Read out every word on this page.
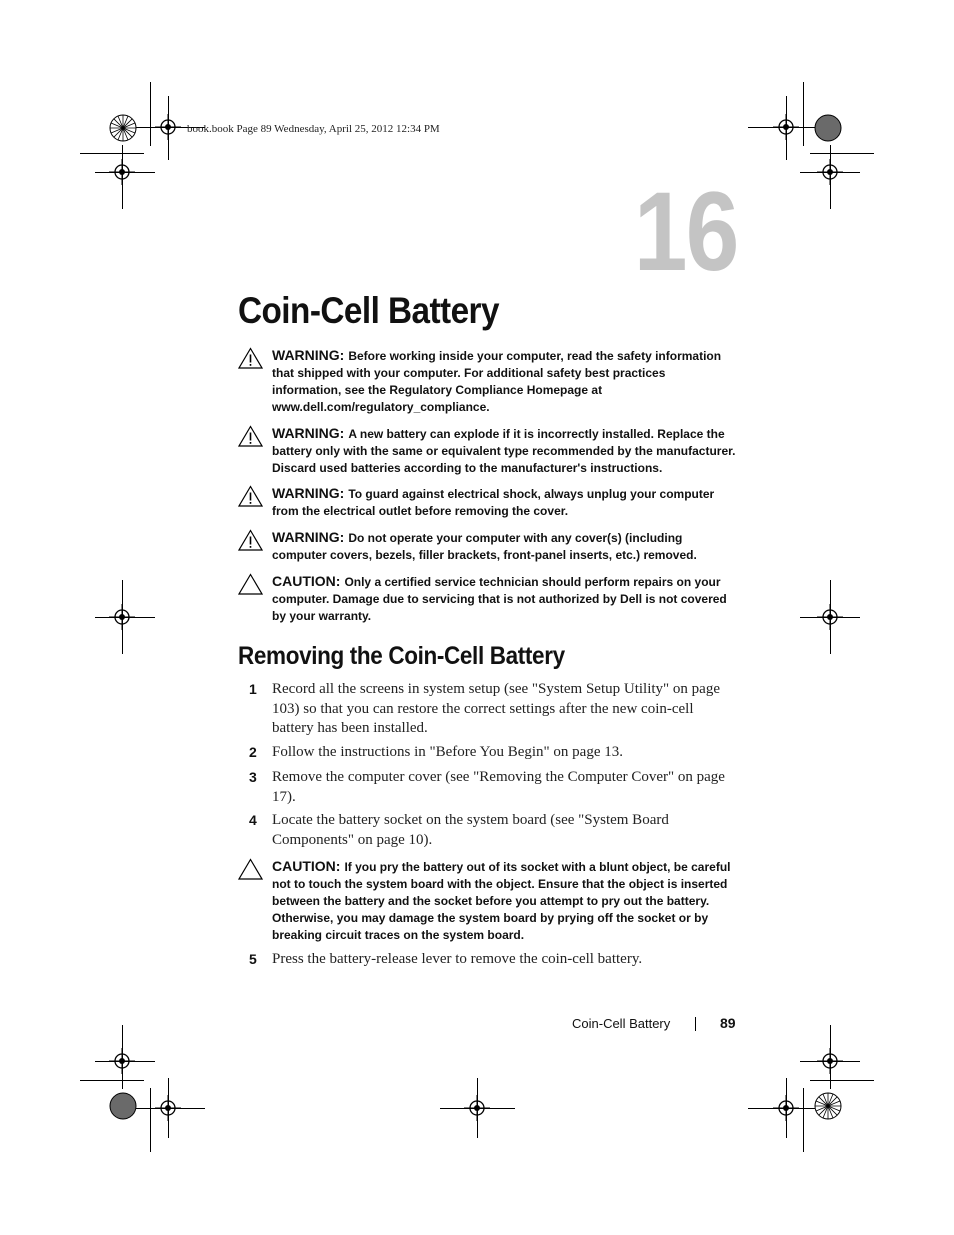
book.book Page 89 Wednesday, April 25, 2012 12:34 PM
16
Coin-Cell Battery
WARNING: Before working inside your computer, read the safety information that shipped with your computer. For additional safety best practices information, see the Regulatory Compliance Homepage at www.dell.com/regulatory_compliance.
WARNING: A new battery can explode if it is incorrectly installed. Replace the battery only with the same or equivalent type recommended by the manufacturer. Discard used batteries according to the manufacturer's instructions.
WARNING: To guard against electrical shock, always unplug your computer from the electrical outlet before removing the cover.
WARNING: Do not operate your computer with any cover(s) (including computer covers, bezels, filler brackets, front-panel inserts, etc.) removed.
CAUTION: Only a certified service technician should perform repairs on your computer. Damage due to servicing that is not authorized by Dell is not covered by your warranty.
Removing the Coin-Cell Battery
1 Record all the screens in system setup (see "System Setup Utility" on page 103) so that you can restore the correct settings after the new coin-cell battery has been installed.
2 Follow the instructions in "Before You Begin" on page 13.
3 Remove the computer cover (see "Removing the Computer Cover" on page 17).
4 Locate the battery socket on the system board (see "System Board Components" on page 10).
CAUTION: If you pry the battery out of its socket with a blunt object, be careful not to touch the system board with the object. Ensure that the object is inserted between the battery and the socket before you attempt to pry out the battery. Otherwise, you may damage the system board by prying off the socket or by breaking circuit traces on the system board.
5 Press the battery-release lever to remove the coin-cell battery.
Coin-Cell Battery	89
